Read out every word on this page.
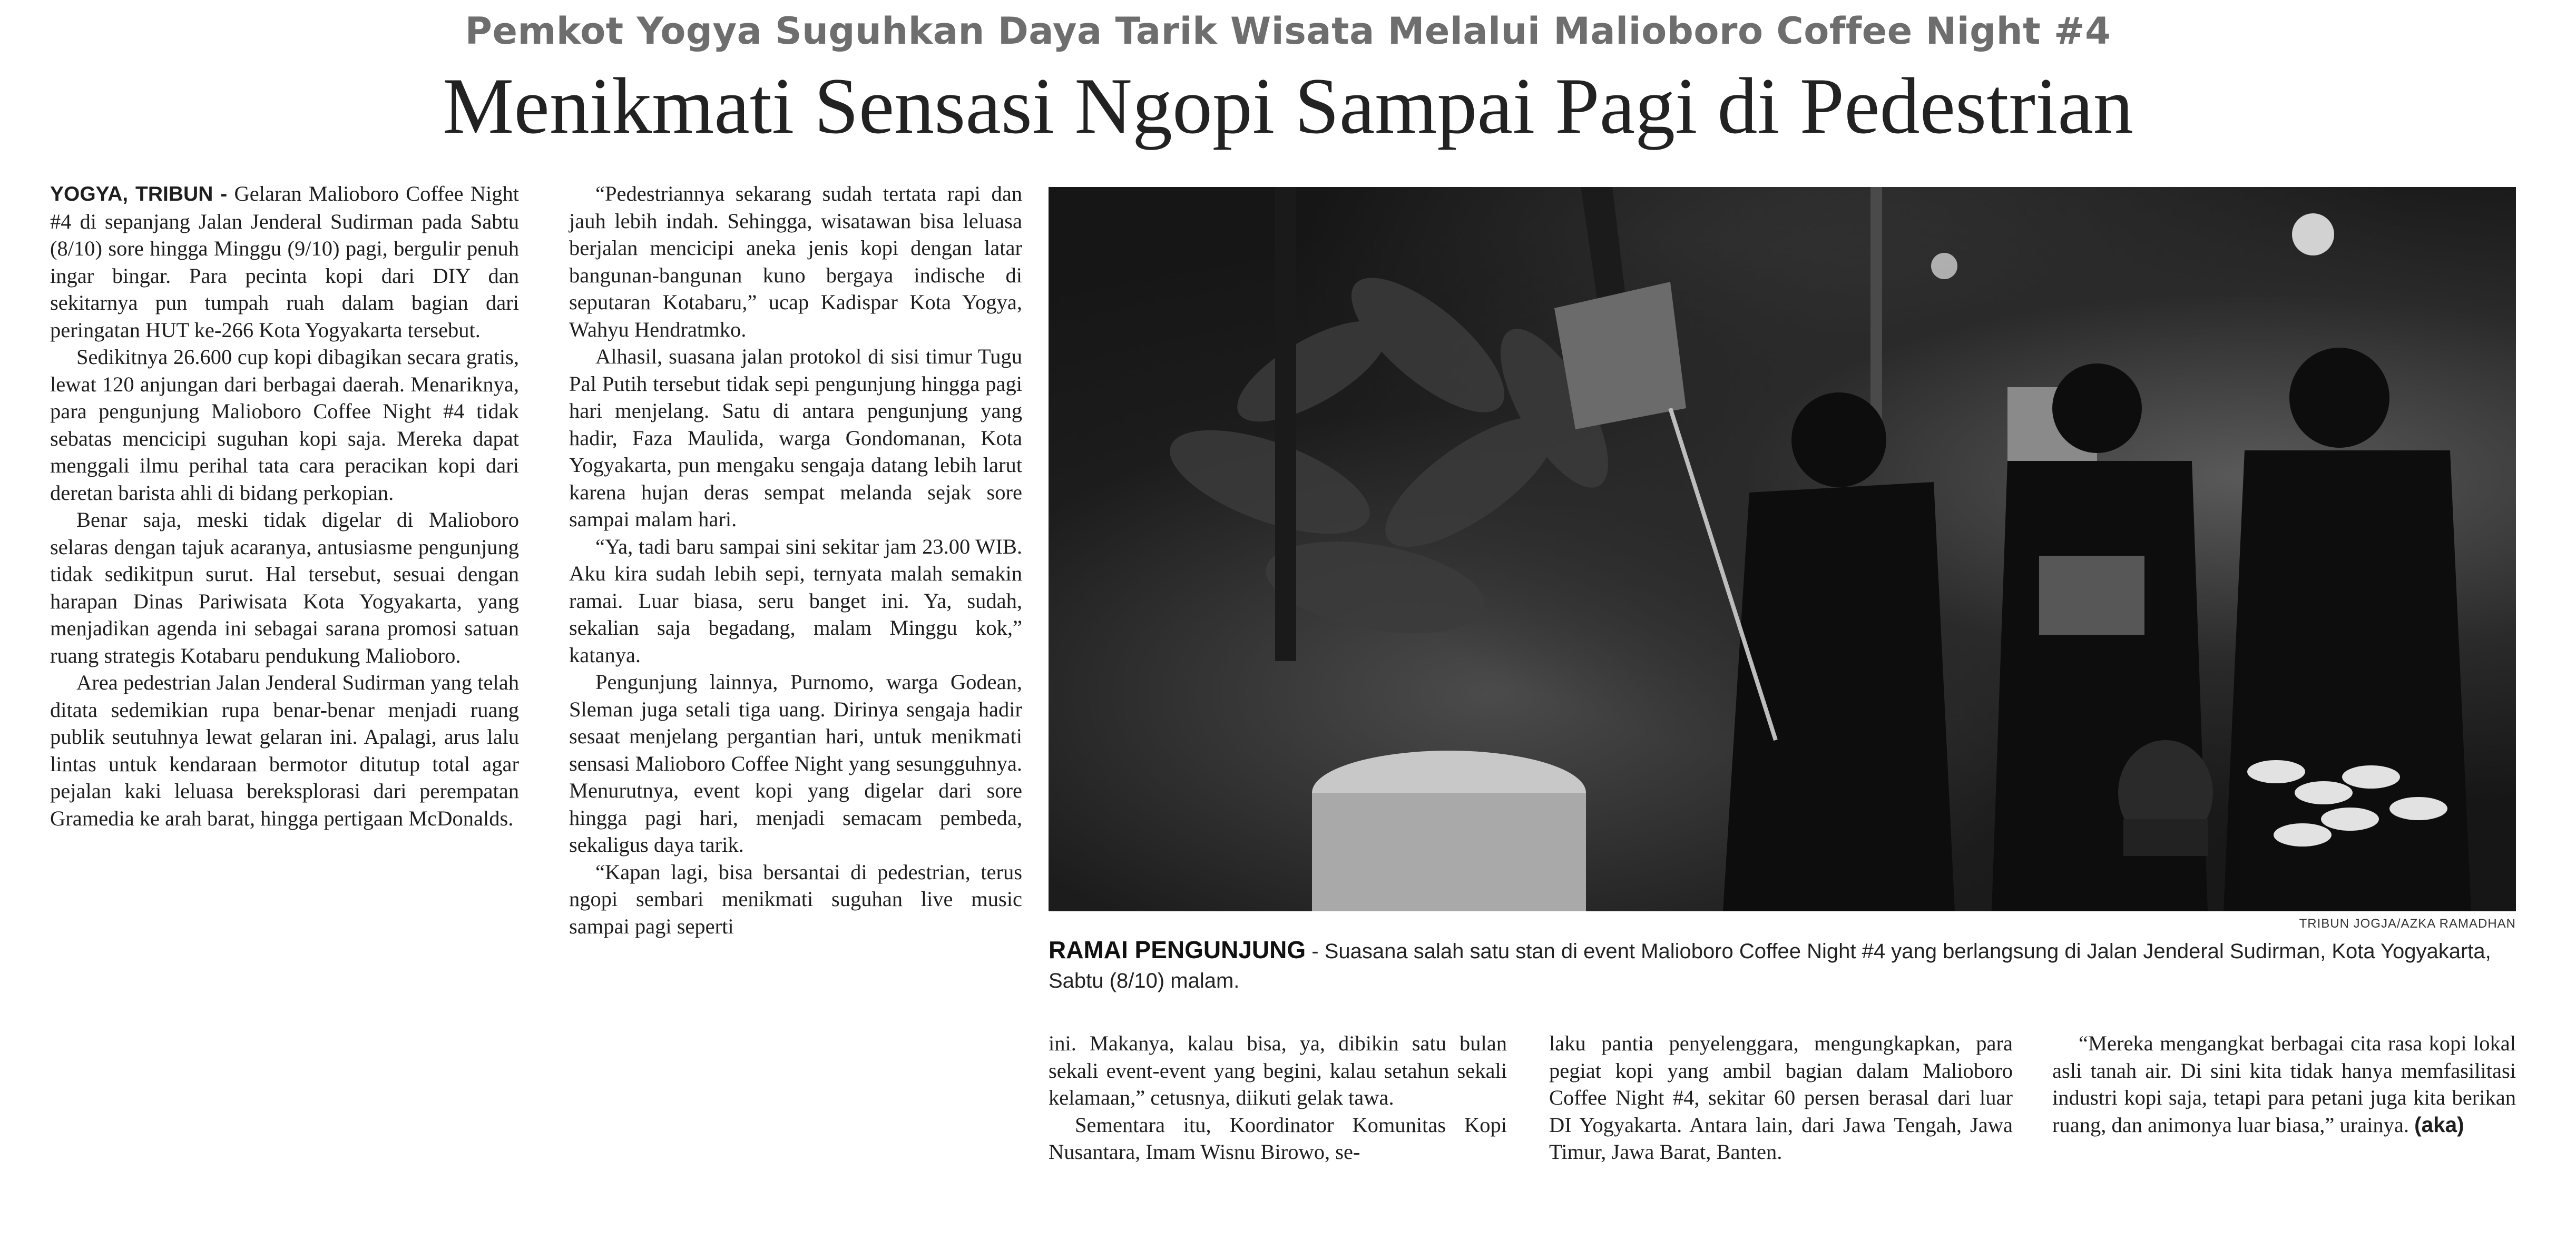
Pemkot Yogya Suguhkan Daya Tarik Wisata Melalui Malioboro Coffee Night #4
Menikmati Sensasi Ngopi Sampai Pagi di Pedestrian

YOGYA, TRIBUN - Gelaran Malioboro Coffee Night #4 di sepanjang Jalan Jenderal Sudirman pada Sabtu (8/10) sore hingga Minggu (9/10) pagi, bergulir penuh ingar bingar. Para pecinta kopi dari DIY dan sekitarnya pun tumpah ruah dalam bagian dari peringatan HUT ke-266 Kota Yogyakarta tersebut.

Sedikitnya 26.600 cup kopi dibagikan secara gratis, lewat 120 anjungan dari berbagai daerah. Menariknya, para pengunjung Malioboro Coffee Night #4 tidak sebatas mencicipi suguhan kopi saja. Mereka dapat menggali ilmu perihal tata cara peracikan kopi dari deretan barista ahli di bidang perkopian.

Benar saja, meski tidak digelar di Malioboro selaras dengan tajuk acaranya, antusiasme pengunjung tidak sedikitpun surut. Hal tersebut, sesuai dengan harapan Dinas Pariwisata Kota Yogyakarta, yang menjadikan agenda ini sebagai sarana promosi satuan ruang strategis Kotabaru pendukung Malioboro.

Area pedestrian Jalan Jenderal Sudirman yang telah ditata sedemikian rupa benar-benar menjadi ruang publik seutuhnya lewat gelaran ini. Apalagi, arus lalu lintas untuk kendaraan bermotor ditutup total agar pejalan kaki leluasa bereksplorasi dari perempatan Gramedia ke arah barat, hingga pertigaan McDonalds.

“Pedestriannya sekarang sudah tertata rapi dan jauh lebih indah. Sehingga, wisatawan bisa leluasa berjalan mencicipi aneka jenis kopi dengan latar bangunan-bangunan kuno bergaya indische di seputaran Kotabaru,” ucap Kadispar Kota Yogya, Wahyu Hendratmko.

Alhasil, suasana jalan protokol di sisi timur Tugu Pal Putih tersebut tidak sepi pengunjung hingga pagi hari menjelang. Satu di antara pengunjung yang hadir, Faza Maulida, warga Gondomanan, Kota Yogyakarta, pun mengaku sengaja datang lebih larut karena hujan deras sempat melanda sejak sore sampai malam hari.

“Ya, tadi baru sampai sini sekitar jam 23.00 WIB. Aku kira sudah lebih sepi, ternyata malah semakin ramai. Luar biasa, seru banget ini. Ya, sudah, sekalian saja begadang, malam Minggu kok,” katanya.

Pengunjung lainnya, Purnomo, warga Godean, Sleman juga setali tiga uang. Dirinya sengaja hadir sesaat menjelang pergantian hari, untuk menikmati sensasi Malioboro Coffee Night yang sesungguhnya. Menurutnya, event kopi yang digelar dari sore hingga pagi hari, menjadi semacam pembeda, sekaligus daya tarik.

“Kapan lagi, bisa bersantai di pedestrian, terus ngopi sembari menikmati suguhan live music sampai pagi seperti	TRIBUN JOGJA/AZKA RAMADHAN
RAMAI PENGUNJUNG - Suasana salah satu stan di event Malioboro Coffee Night #4 yang berlangsung di Jalan Jenderal Sudirman, Kota Yogyakarta, Sabtu (8/10) malam.

ini. Makanya, kalau bisa, ya, dibikin satu bulan sekali event-event yang begini, kalau setahun sekali kelamaan,” cetusnya, diikuti gelak tawa.

Sementara itu, Koordinator Komunitas Kopi Nusantara, Imam Wisnu Birowo, se-

laku pantia penyelenggara, mengungkapkan, para pegiat kopi yang ambil bagian dalam Malioboro Coffee Night #4, sekitar 60 persen berasal dari luar DI Yogyakarta. Antara lain, dari Jawa Tengah, Jawa Timur, Jawa Barat, Banten.

“Mereka mengangkat berbagai cita rasa kopi lokal asli tanah air. Di sini kita tidak hanya memfasilitasi industri kopi saja, tetapi para petani juga kita berikan ruang, dan animonya luar biasa,” urainya. (aka)
